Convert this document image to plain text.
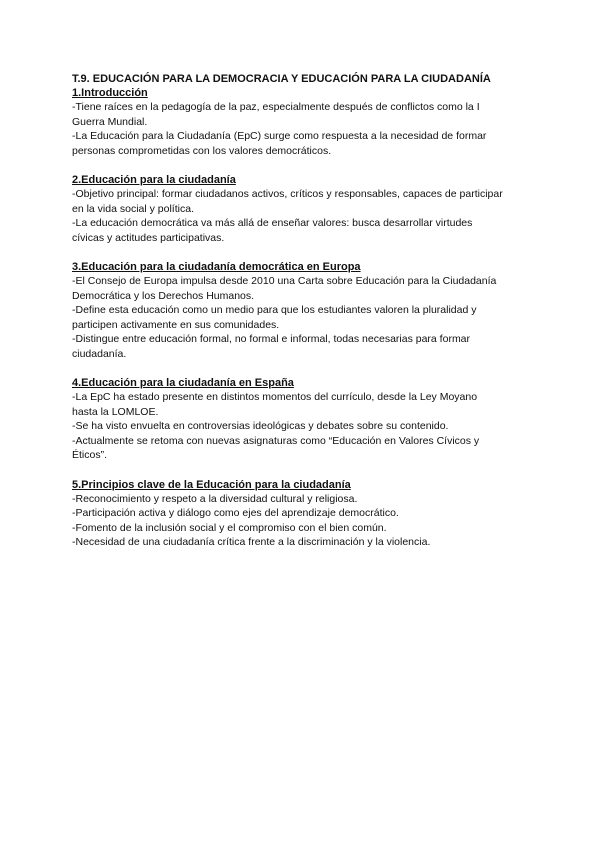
T.9. EDUCACIÓN PARA LA DEMOCRACIA Y EDUCACIÓN PARA LA CIUDADANÍA
1.Introducción
-Tiene raíces en la pedagogía de la paz, especialmente después de conflictos como la I
Guerra Mundial.
-La Educación para la Ciudadanía (EpC) surge como respuesta a la necesidad de formar
personas comprometidas con los valores democráticos.
2.Educación para la ciudadanía
-Objetivo principal: formar ciudadanos activos, críticos y responsables, capaces de participar
en la vida social y política.
-La educación democrática va más allá de enseñar valores: busca desarrollar virtudes
cívicas y actitudes participativas.
3.Educación para la ciudadanía democrática en Europa
-El Consejo de Europa impulsa desde 2010 una Carta sobre Educación para la Ciudadanía
Democrática y los Derechos Humanos.
-Define esta educación como un medio para que los estudiantes valoren la pluralidad y
participen activamente en sus comunidades.
-Distingue entre educación formal, no formal e informal, todas necesarias para formar
ciudadanía.
4.Educación para la ciudadanía en España
-La EpC ha estado presente en distintos momentos del currículo, desde la Ley Moyano
hasta la LOMLOE.
-Se ha visto envuelta en controversias ideológicas y debates sobre su contenido.
-Actualmente se retoma con nuevas asignaturas como “Educación en Valores Cívicos y
Éticos”.
5.Principios clave de la Educación para la ciudadanía
-Reconocimiento y respeto a la diversidad cultural y religiosa.
-Participación activa y diálogo como ejes del aprendizaje democrático.
-Fomento de la inclusión social y el compromiso con el bien común.
-Necesidad de una ciudadanía crítica frente a la discriminación y la violencia.
